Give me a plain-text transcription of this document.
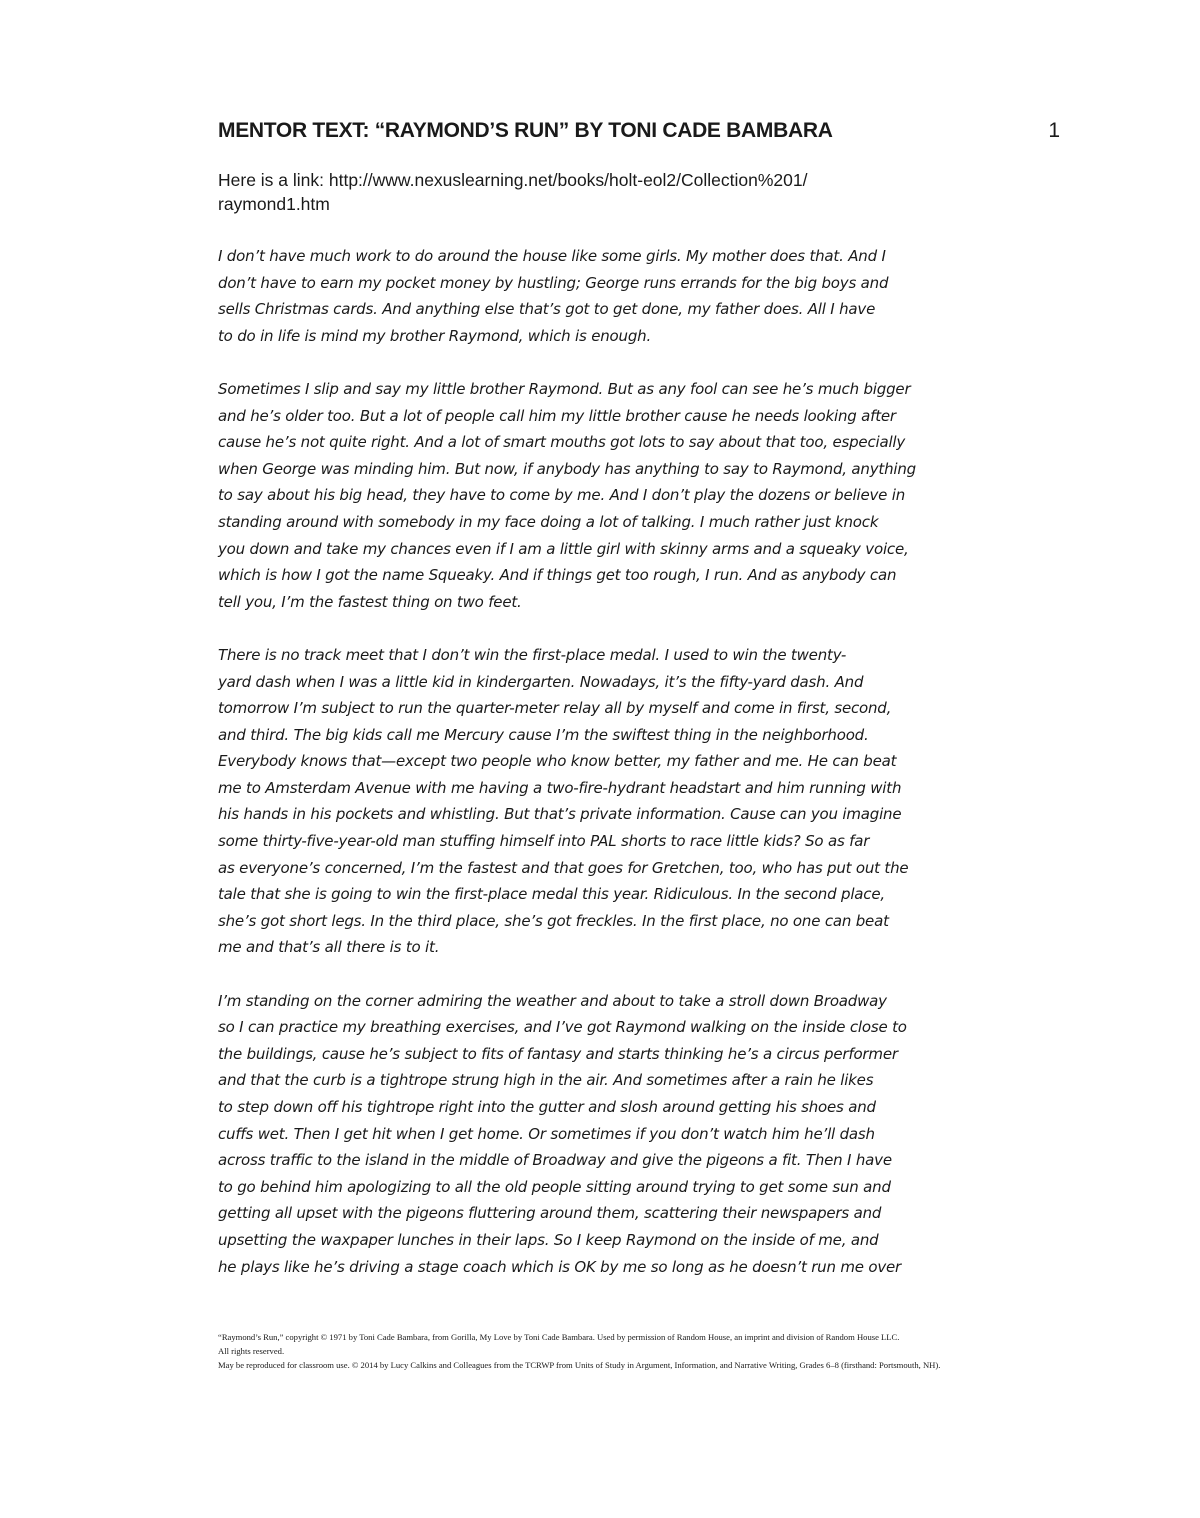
MENTOR TEXT: “RAYMOND’S RUN” BY TONI CADE BAMBARA	1
Here is a link: http://www.nexuslearning.net/books/holt-eol2/Collection%201/
raymond1.htm
I don’t have much work to do around the house like some girls. My mother does that. And I
don’t have to earn my pocket money by hustling; George runs errands for the big boys and
sells Christmas cards. And anything else that’s got to get done, my father does. All I have
to do in life is mind my brother Raymond, which is enough.
Sometimes I slip and say my little brother Raymond. But as any fool can see he’s much bigger
and he’s older too. But a lot of people call him my little brother cause he needs looking after
cause he’s not quite right. And a lot of smart mouths got lots to say about that too, especially
when George was minding him. But now, if anybody has anything to say to Raymond, anything
to say about his big head, they have to come by me. And I don’t play the dozens or believe in
standing around with somebody in my face doing a lot of talking. I much rather just knock
you down and take my chances even if I am a little girl with skinny arms and a squeaky voice,
which is how I got the name Squeaky. And if things get too rough, I run. And as anybody can
tell you, I’m the fastest thing on two feet.
There is no track meet that I don’t win the first-place medal. I used to win the twenty-
yard dash when I was a little kid in kindergarten. Nowadays, it’s the fifty-yard dash. And
tomorrow I’m subject to run the quarter-meter relay all by myself and come in first, second,
and third. The big kids call me Mercury cause I’m the swiftest thing in the neighborhood.
Everybody knows that—except two people who know better, my father and me. He can beat
me to Amsterdam Avenue with me having a two-fire-hydrant headstart and him running with
his hands in his pockets and whistling. But that’s private information. Cause can you imagine
some thirty-five-year-old man stuffing himself into PAL shorts to race little kids? So as far
as everyone’s concerned, I’m the fastest and that goes for Gretchen, too, who has put out the
tale that she is going to win the first-place medal this year. Ridiculous. In the second place,
she’s got short legs. In the third place, she’s got freckles. In the first place, no one can beat
me and that’s all there is to it.
I’m standing on the corner admiring the weather and about to take a stroll down Broadway
so I can practice my breathing exercises, and I’ve got Raymond walking on the inside close to
the buildings, cause he’s subject to fits of fantasy and starts thinking he’s a circus performer
and that the curb is a tightrope strung high in the air. And sometimes after a rain he likes
to step down off his tightrope right into the gutter and slosh around getting his shoes and
cuffs wet. Then I get hit when I get home. Or sometimes if you don’t watch him he’ll dash
across traffic to the island in the middle of Broadway and give the pigeons a fit. Then I have
to go behind him apologizing to all the old people sitting around trying to get some sun and
getting all upset with the pigeons fluttering around them, scattering their newspapers and
upsetting the waxpaper lunches in their laps. So I keep Raymond on the inside of me, and
he plays like he’s driving a stage coach which is OK by me so long as he doesn’t run me over
“Raymond’s Run,” copyright © 1971 by Toni Cade Bambara, from Gorilla, My Love by Toni Cade Bambara. Used by permission of Random House, an imprint and division of Random House LLC.
All rights reserved.
May be reproduced for classroom use. © 2014 by Lucy Calkins and Colleagues from the TCRWP from Units of Study in Argument, Information, and Narrative Writing, Grades 6–8 (firsthand: Portsmouth, NH).
